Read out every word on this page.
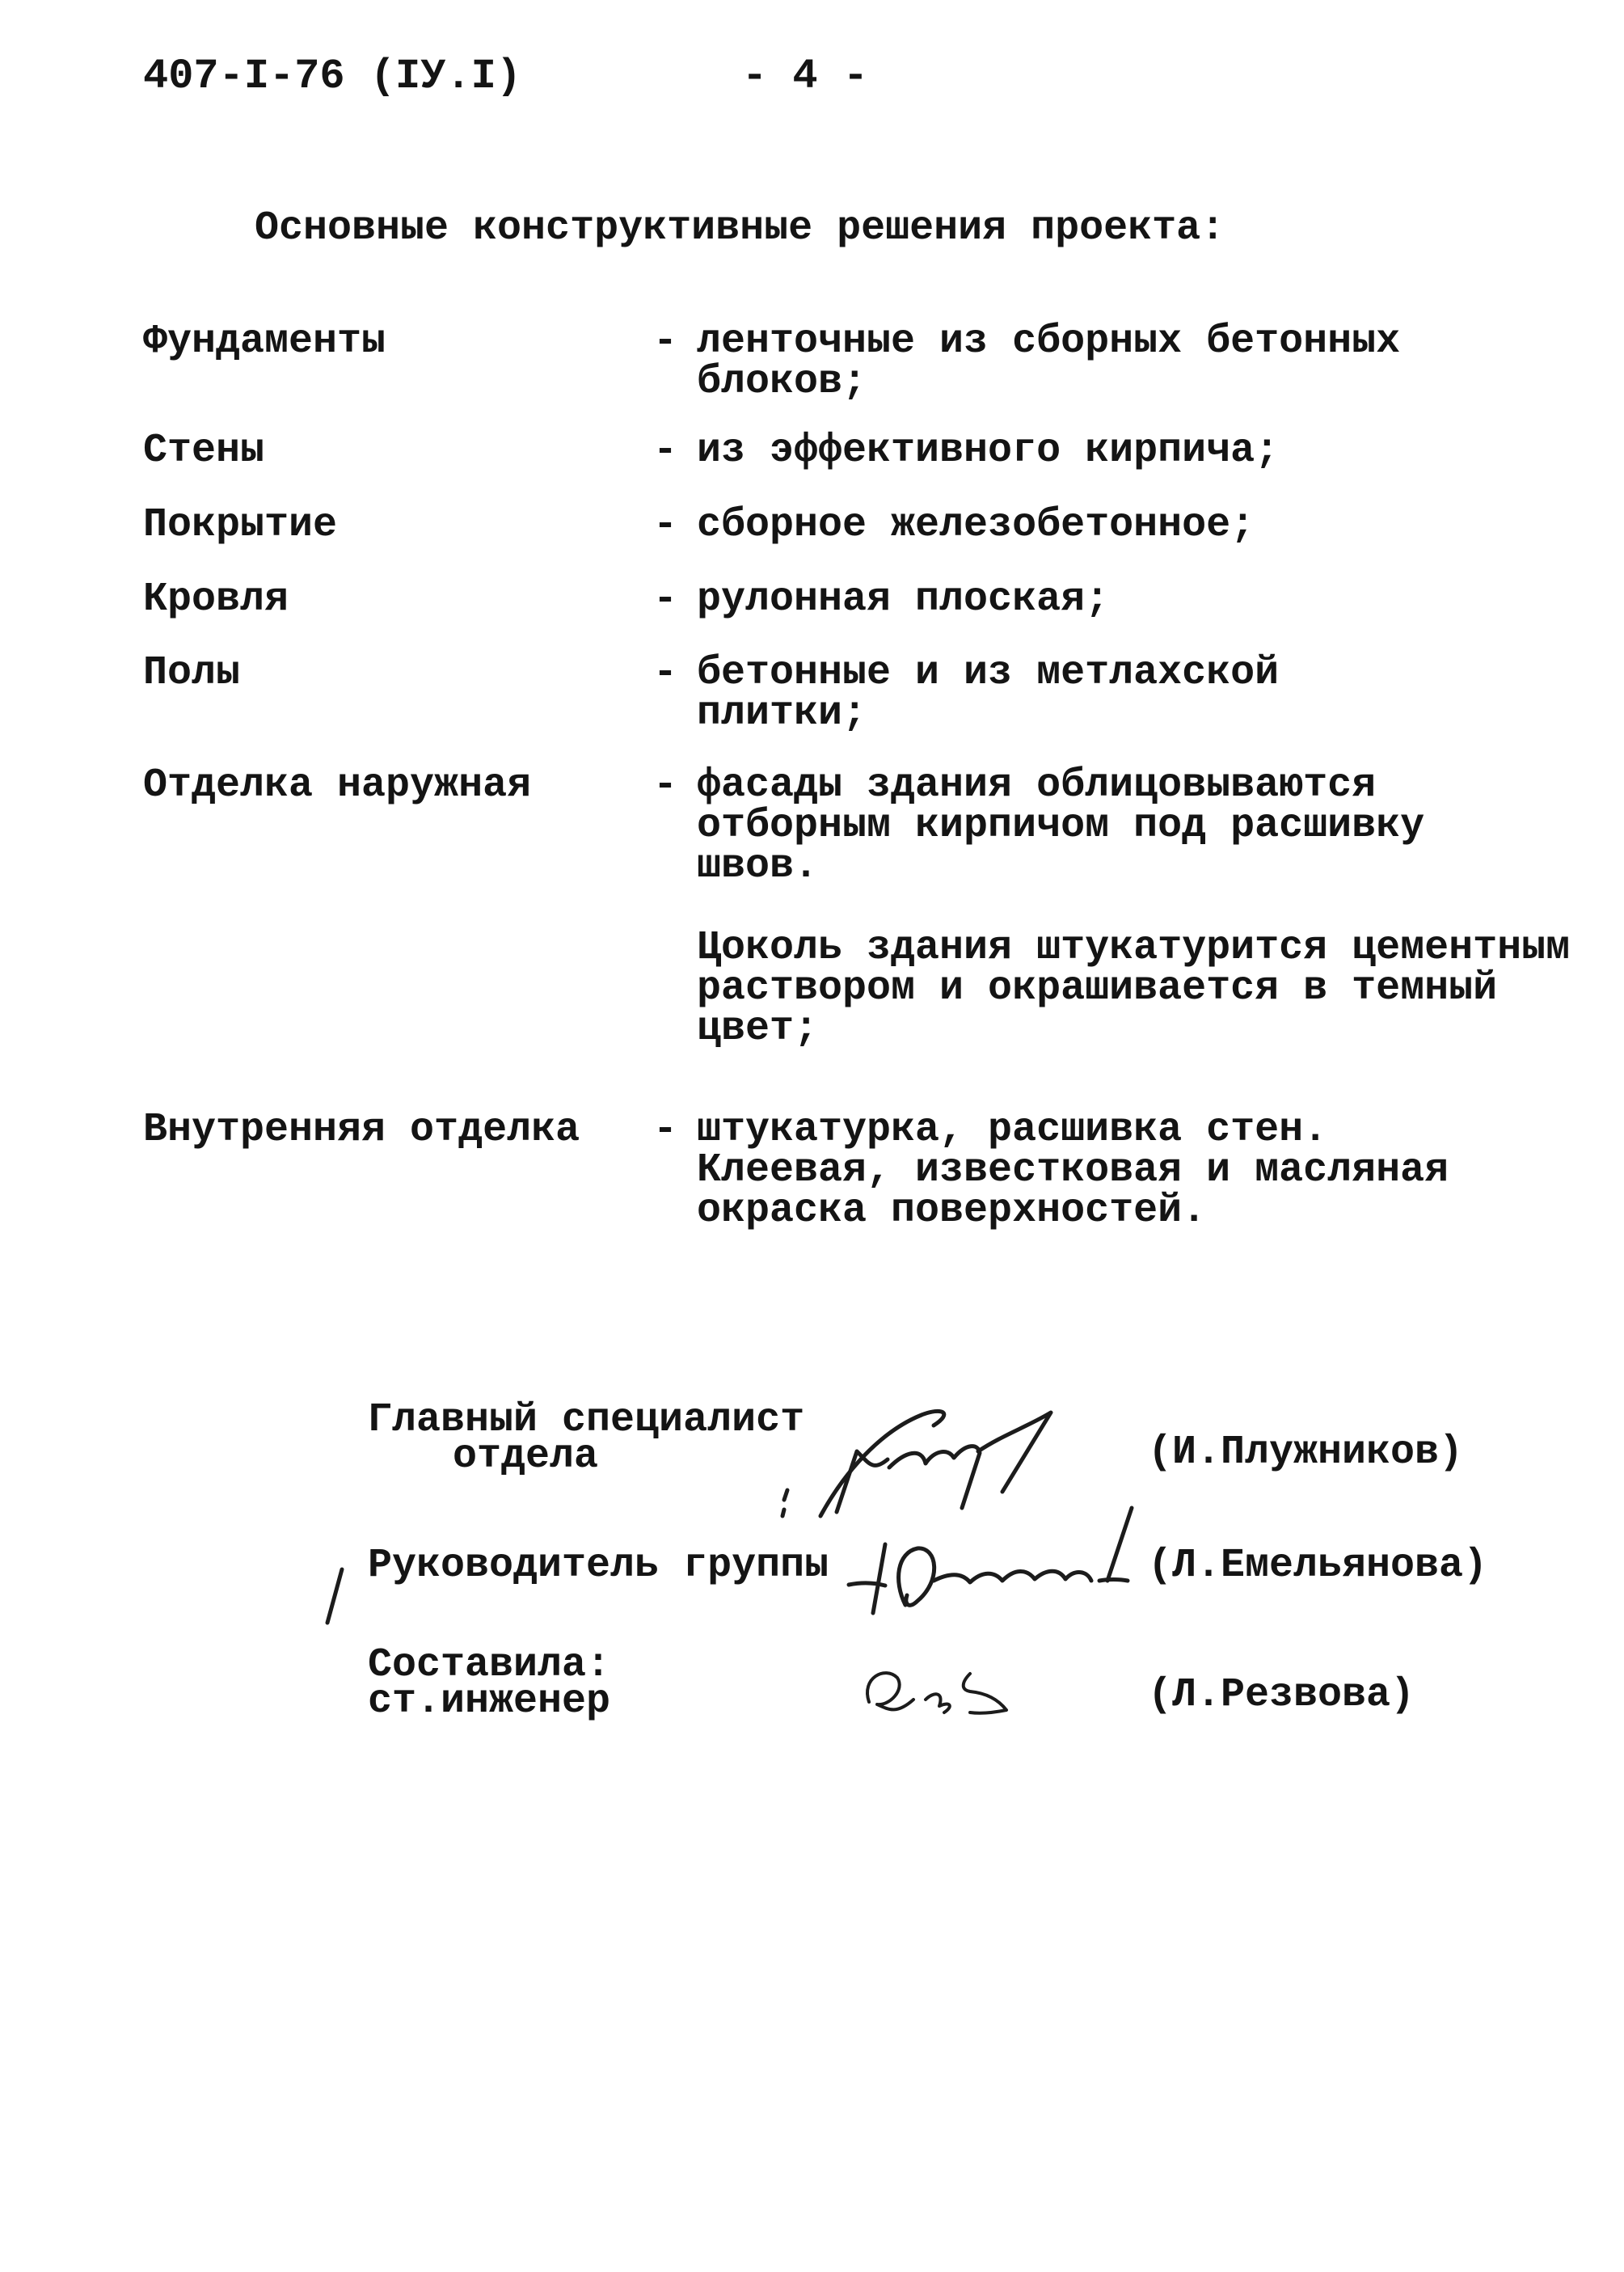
407-I-76 (IУ.I)	- 4 -
Основные конструктивные решения проекта:
Фундаменты	- ленточные из сборных бетонных
блоков;
Стены	- из эффективного кирпича;
Покрытие	- сборное железобетонное;
Кровля	- рулонная плоская;
Полы	- бетонные и из метлахской
плитки;
Отделка наружная	- фасады здания облицовываются
отборным кирпичом под расшивку
швов.
Цоколь здания штукатурится цементным
раствором и окрашивается в темный
цвет;
Внутренняя отделка - штукатурка, расшивка стен.
Клеевая, известковая и масляная
окраска поверхностей.
Главный специалист
отдела	(И.Плужников)
Руководитель группы	(Л.Емельянова)
Составила:
ст.инженер	(Л.Резвова)
